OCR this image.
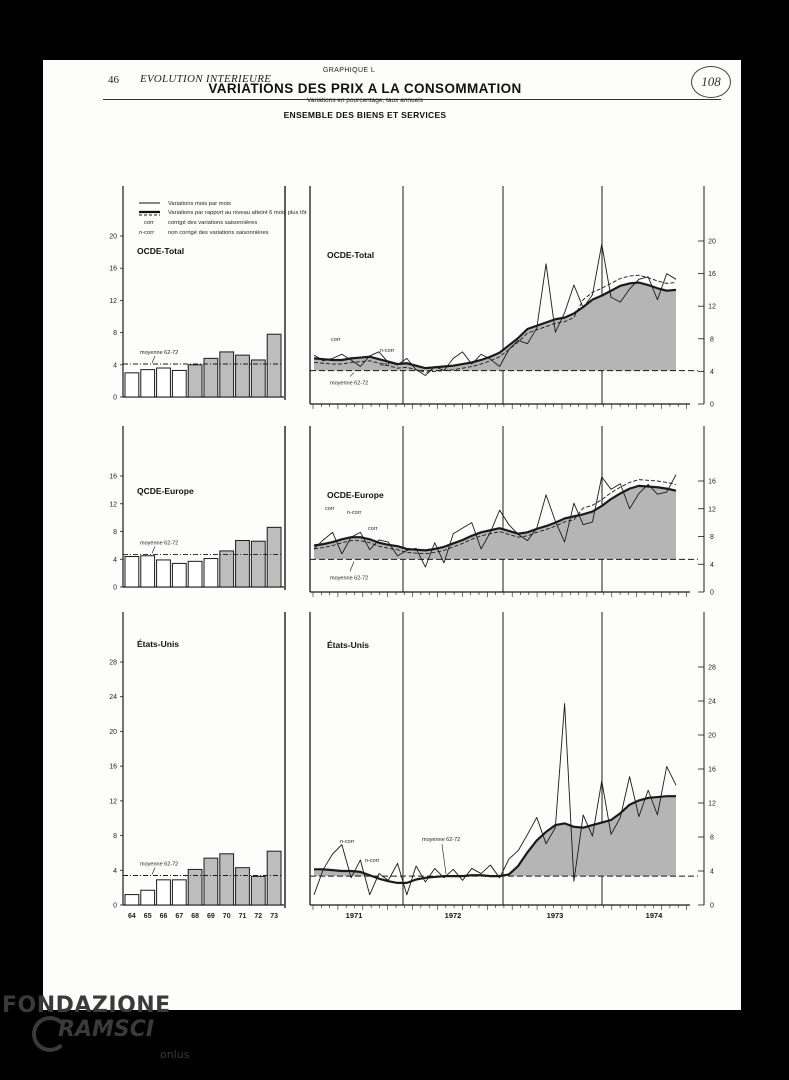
46 EVOLUTION INTERIEURE	108
GRAPHIQUE L
VARIATIONS DES PRIX A LA CONSOMMATION
Variations en pourcentage, taux annuels
ENSEMBLE DES BIENS ET SERVICES
Variations mois par mois
Variations par rapport au niveau atteint 6 mois plus tôt
corr corrigé des variations saisonnières
n-corr non corrigé des variations saisonnières
0
4
8
12
16
20
moyenne 62-72
OCDE-Total
0
4
8
12
16
20
OCDE-Total
moyenne 62-72
corr
n-corr
corr
0
4
8
12
16
moyenne 62-72
QCDE-Europe
0
4
8
12
16
OCDE-Europe
moyenne 62-72
corr
n-corr
corr
0
4
8
12
16
20
24
28
64 65 66 67 68 69 70 71 72 73
moyenne 62-72
États-Unis
0
4
8
12
16
20
24
28
États-Unis
moyenne 62-72
n-corr
n-corr
1971	1972	1973	1974
FONDAZIONE
RAMSCI
onlus
